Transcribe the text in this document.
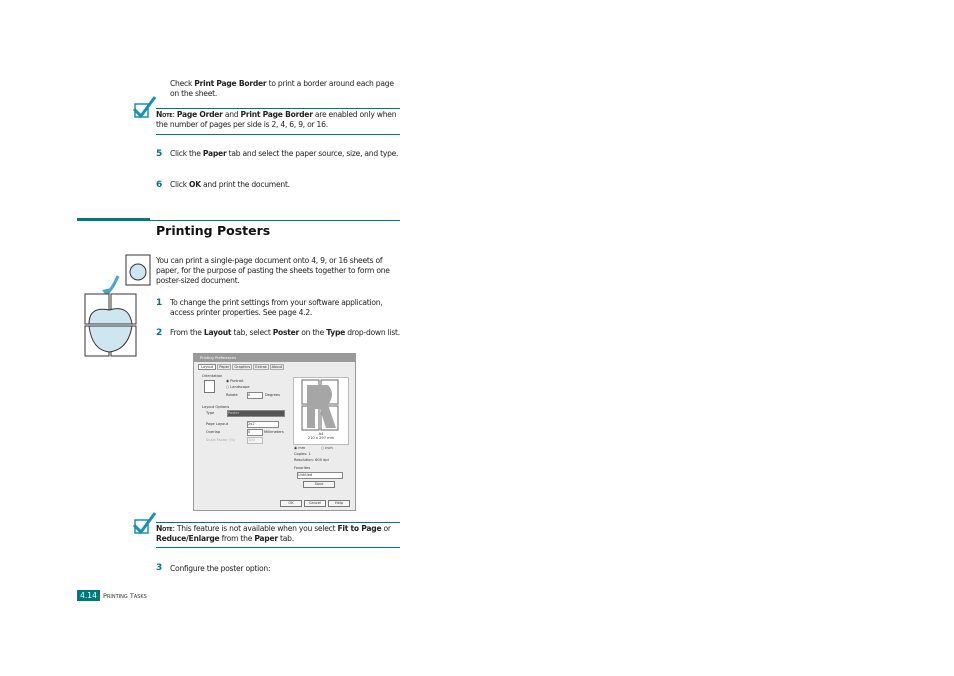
Check Print Page Border to print a border around each page on the sheet.
Note: Page Order and Print Page Border are enabled only when the number of pages per side is 2, 4, 6, 9, or 16.
5 Click the Paper tab and select the paper source, size, and type.
6 Click OK and print the document.
Printing Posters
You can print a single-page document onto 4, 9, or 16 sheets of paper, for the purpose of pasting the sheets together to form one poster-sized document.
1 To change the print settings from your software application, access printer properties. See page 4.2.
2 From the Layout tab, select Poster on the Type drop-down list.
Printing Preferences
Layout	Paper	Graphics	Extras	About
Orientation
◉ Portrait
○ Landscape
Rotate	0	Degrees
Layout Options
Type	Poster
Page Layout	2x2
Overlap	0	Millimeters
Scale Factor (%)	100
A4
210 x 297 mm
◉ mm	○ inch
Copies: 1
Resolution: 600 dpi
Favorites
Untitled
Save
OK	Cancel	Help
Note: This feature is not available when you select Fit to Page or Reduce/Enlarge from the Paper tab.
3 Configure the poster option:
4.14 Printing Tasks
